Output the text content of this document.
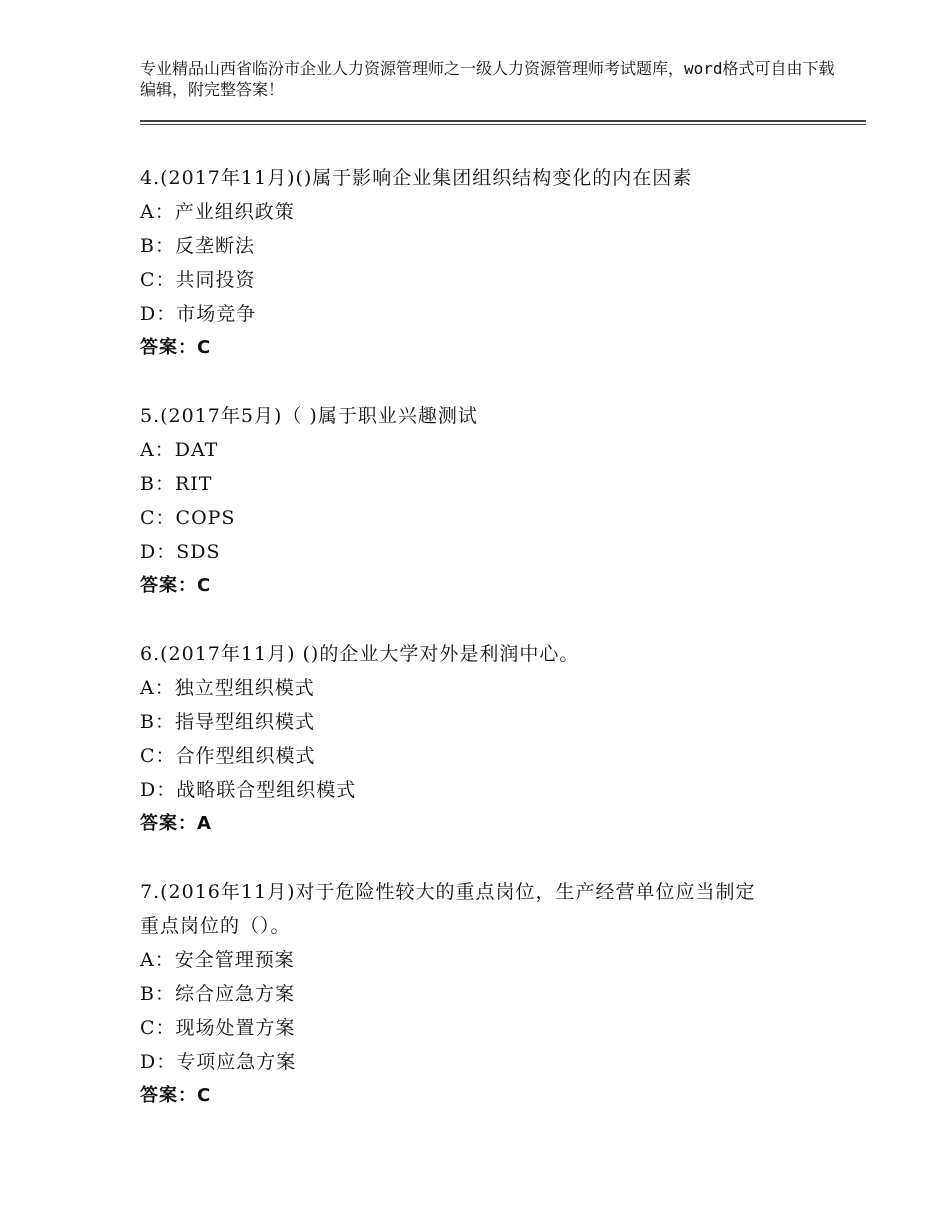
专业精品山西省临汾市企业人力资源管理师之一级人力资源管理师考试题库，word格式可自由下载编辑，附完整答案！
4.(2017年11月)()属于影响企业集团组织结构变化的内在因素
A：产业组织政策
B：反垄断法
C：共同投资
D：市场竞争
答案：C
5.(2017年5月)（ )属于职业兴趣测试
A：DAT
B：RIT
C：COPS
D：SDS
答案：C
6.(2017年11月) ()的企业大学对外是利润中心。
A：独立型组织模式
B：指导型组织模式
C：合作型组织模式
D：战略联合型组织模式
答案：A
7.(2016年11月)对于危险性较大的重点岗位，生产经营单位应当制定
重点岗位的（）。
A：安全管理预案
B：综合应急方案
C：现场处置方案
D：专项应急方案
答案：C
